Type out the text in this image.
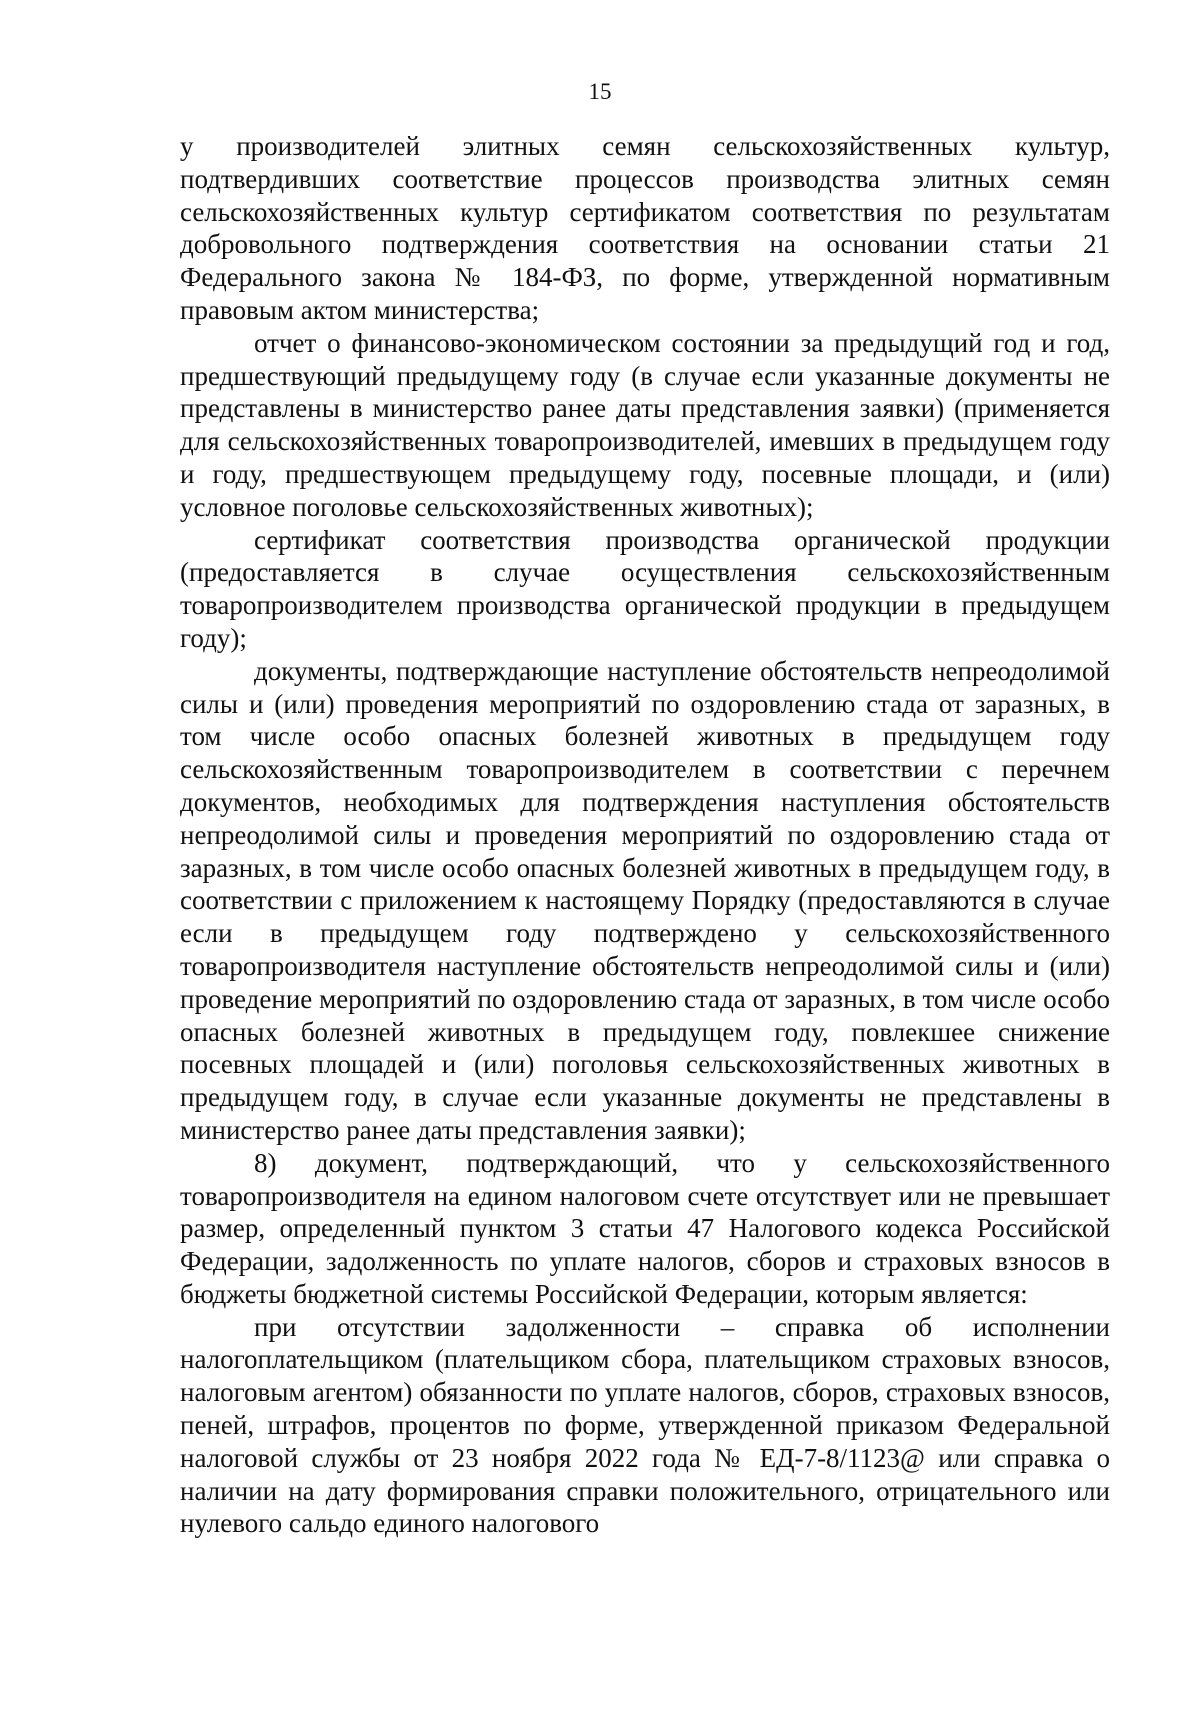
15

у производителей элитных семян сельскохозяйственных культур, подтвердивших соответствие процессов производства элитных семян сельскохозяйственных культур сертификатом соответствия по результатам добровольного подтверждения соответствия на основании статьи 21 Федерального закона № 184-ФЗ, по форме, утвержденной нормативным правовым актом министерства;

отчет о финансово-экономическом состоянии за предыдущий год и год, предшествующий предыдущему году (в случае если указанные документы не представлены в министерство ранее даты представления заявки) (применяется для сельскохозяйственных товаропроизводителей, имевших в предыдущем году и году, предшествующем предыдущему году, посевные площади, и (или) условное поголовье сельскохозяйственных животных);

сертификат соответствия производства органической продукции (предоставляется в случае осуществления сельскохозяйственным товаропроизводителем производства органической продукции в предыдущем году);

документы, подтверждающие наступление обстоятельств непреодолимой силы и (или) проведения мероприятий по оздоровлению стада от заразных, в том числе особо опасных болезней животных в предыдущем году сельскохозяйственным товаропроизводителем в соответствии с перечнем документов, необходимых для подтверждения наступления обстоятельств непреодолимой силы и проведения мероприятий по оздоровлению стада от заразных, в том числе особо опасных болезней животных в предыдущем году, в соответствии с приложением к настоящему Порядку (предоставляются в случае если в предыдущем году подтверждено у сельскохозяйственного товаропроизводителя наступление обстоятельств непреодолимой силы и (или) проведение мероприятий по оздоровлению стада от заразных, в том числе особо опасных болезней животных в предыдущем году, повлекшее снижение посевных площадей и (или) поголовья сельскохозяйственных животных в предыдущем году, в случае если указанные документы не представлены в министерство ранее даты представления заявки);

8) документ, подтверждающий, что у сельскохозяйственного товаропроизводителя на едином налоговом счете отсутствует или не превышает размер, определенный пунктом 3 статьи 47 Налогового кодекса Российской Федерации, задолженность по уплате налогов, сборов и страховых взносов в бюджеты бюджетной системы Российской Федерации, которым является:

при отсутствии задолженности – справка об исполнении налогоплательщиком (плательщиком сбора, плательщиком страховых взносов, налоговым агентом) обязанности по уплате налогов, сборов, страховых взносов, пеней, штрафов, процентов по форме, утвержденной приказом Федеральной налоговой службы от 23 ноября 2022 года № ЕД-7-8/1123@ или справка о наличии на дату формирования справки положительного, отрицательного или нулевого сальдо единого налогового
